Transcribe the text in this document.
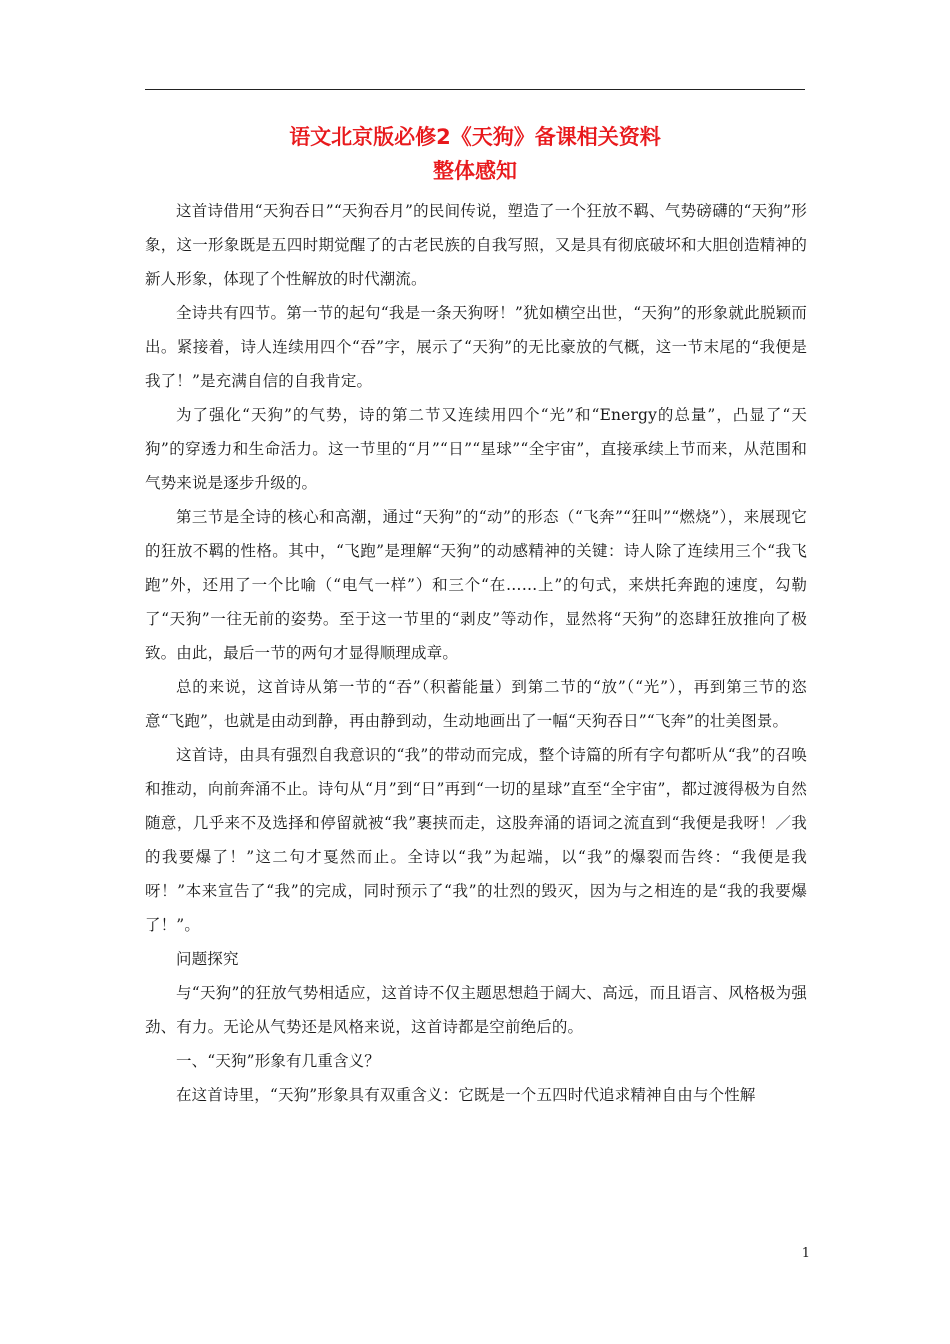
语文北京版必修2《天狗》备课相关资料
整体感知

这首诗借用“天狗吞日”“天狗吞月”的民间传说，塑造了一个狂放不羁、气势磅礴的“天狗”形象，这一形象既是五四时期觉醒了的古老民族的自我写照，又是具有彻底破坏和大胆创造精神的新人形象，体现了个性解放的时代潮流。

全诗共有四节。第一节的起句“我是一条天狗呀！”犹如横空出世，“天狗”的形象就此脱颖而出。紧接着，诗人连续用四个“吞”字，展示了“天狗”的无比豪放的气概，这一节末尾的“我便是我了！”是充满自信的自我肯定。

为了强化“天狗”的气势，诗的第二节又连续用四个“光”和“Energy的总量”，凸显了“天狗”的穿透力和生命活力。这一节里的“月”“日”“星球”“全宇宙”，直接承续上节而来，从范围和气势来说是逐步升级的。

第三节是全诗的核心和高潮，通过“天狗”的“动”的形态（“飞奔”“狂叫”“燃烧”），来展现它的狂放不羁的性格。其中，“飞跑”是理解“天狗”的动感精神的关键：诗人除了连续用三个“我飞跑”外，还用了一个比喻（“电气一样”）和三个“在……上”的句式，来烘托奔跑的速度，勾勒了“天狗”一往无前的姿势。至于这一节里的“剥皮”等动作，显然将“天狗”的恣肆狂放推向了极致。由此，最后一节的两句才显得顺理成章。

总的来说，这首诗从第一节的“吞”（积蓄能量）到第二节的“放”（“光”），再到第三节的恣意“飞跑”，也就是由动到静，再由静到动，生动地画出了一幅“天狗吞日”“飞奔”的壮美图景。

这首诗，由具有强烈自我意识的“我”的带动而完成，整个诗篇的所有字句都听从“我”的召唤和推动，向前奔涌不止。诗句从“月”到“日”再到“一切的星球”直至“全宇宙”，都过渡得极为自然随意，几乎来不及选择和停留就被“我”裹挟而走，这股奔涌的语词之流直到“我便是我呀！／我的我要爆了！”这二句才戛然而止。全诗以“我”为起端，以“我”的爆裂而告终：“我便是我呀！”本来宣告了“我”的完成，同时预示了“我”的壮烈的毁灭，因为与之相连的是“我的我要爆了！”。

问题探究

与“天狗”的狂放气势相适应，这首诗不仅主题思想趋于阔大、高远，而且语言、风格极为强劲、有力。无论从气势还是风格来说，这首诗都是空前绝后的。

一、“天狗”形象有几重含义？

在这首诗里，“天狗”形象具有双重含义：它既是一个五四时代追求精神自由与个性解

1
